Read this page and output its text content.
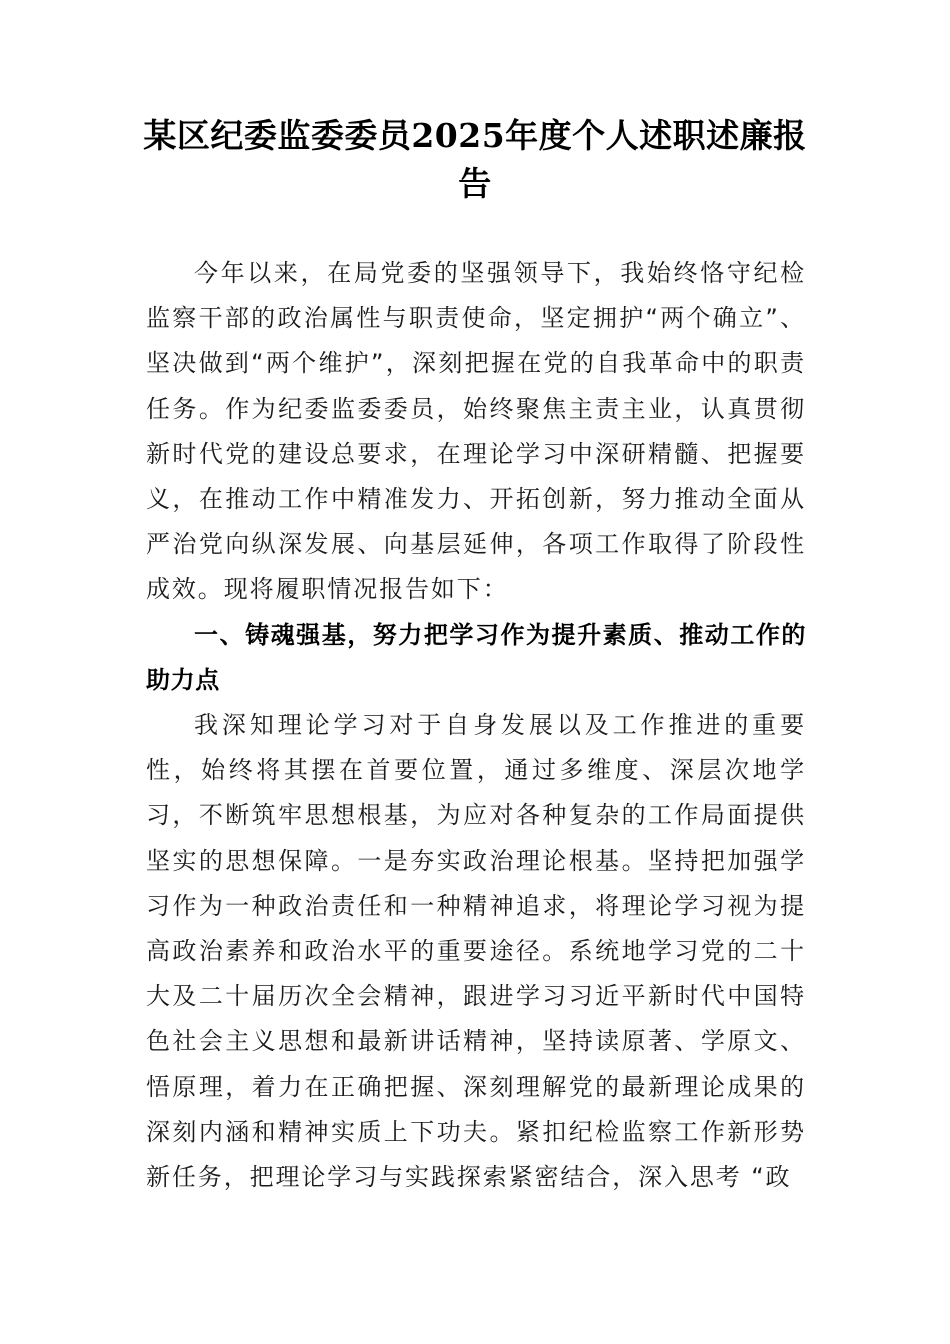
某区纪委监委委员2025年度个人述职述廉报告

今年以来，在局党委的坚强领导下，我始终恪守纪检监察干部的政治属性与职责使命，坚定拥护“两个确立”、坚决做到“两个维护”，深刻把握在党的自我革命中的职责任务。作为纪委监委委员，始终聚焦主责主业，认真贯彻新时代党的建设总要求，在理论学习中深研精髓、把握要义，在推动工作中精准发力、开拓创新，努力推动全面从严治党向纵深发展、向基层延伸，各项工作取得了阶段性成效。现将履职情况报告如下：

一、铸魂强基，努力把学习作为提升素质、推动工作的助力点

我深知理论学习对于自身发展以及工作推进的重要性，始终将其摆在首要位置，通过多维度、深层次地学习，不断筑牢思想根基，为应对各种复杂的工作局面提供坚实的思想保障。一是夯实政治理论根基。坚持把加强学习作为一种政治责任和一种精神追求，将理论学习视为提高政治素养和政治水平的重要途径。系统地学习党的二十大及二十届历次全会精神，跟进学习习近平新时代中国特色社会主义思想和最新讲话精神，坚持读原著、学原文、悟原理，着力在正确把握、深刻理解党的最新理论成果的深刻内涵和精神实质上下功夫。紧扣纪检监察工作新形势新任务，把理论学习与实践探索紧密结合，深入思考 “政
